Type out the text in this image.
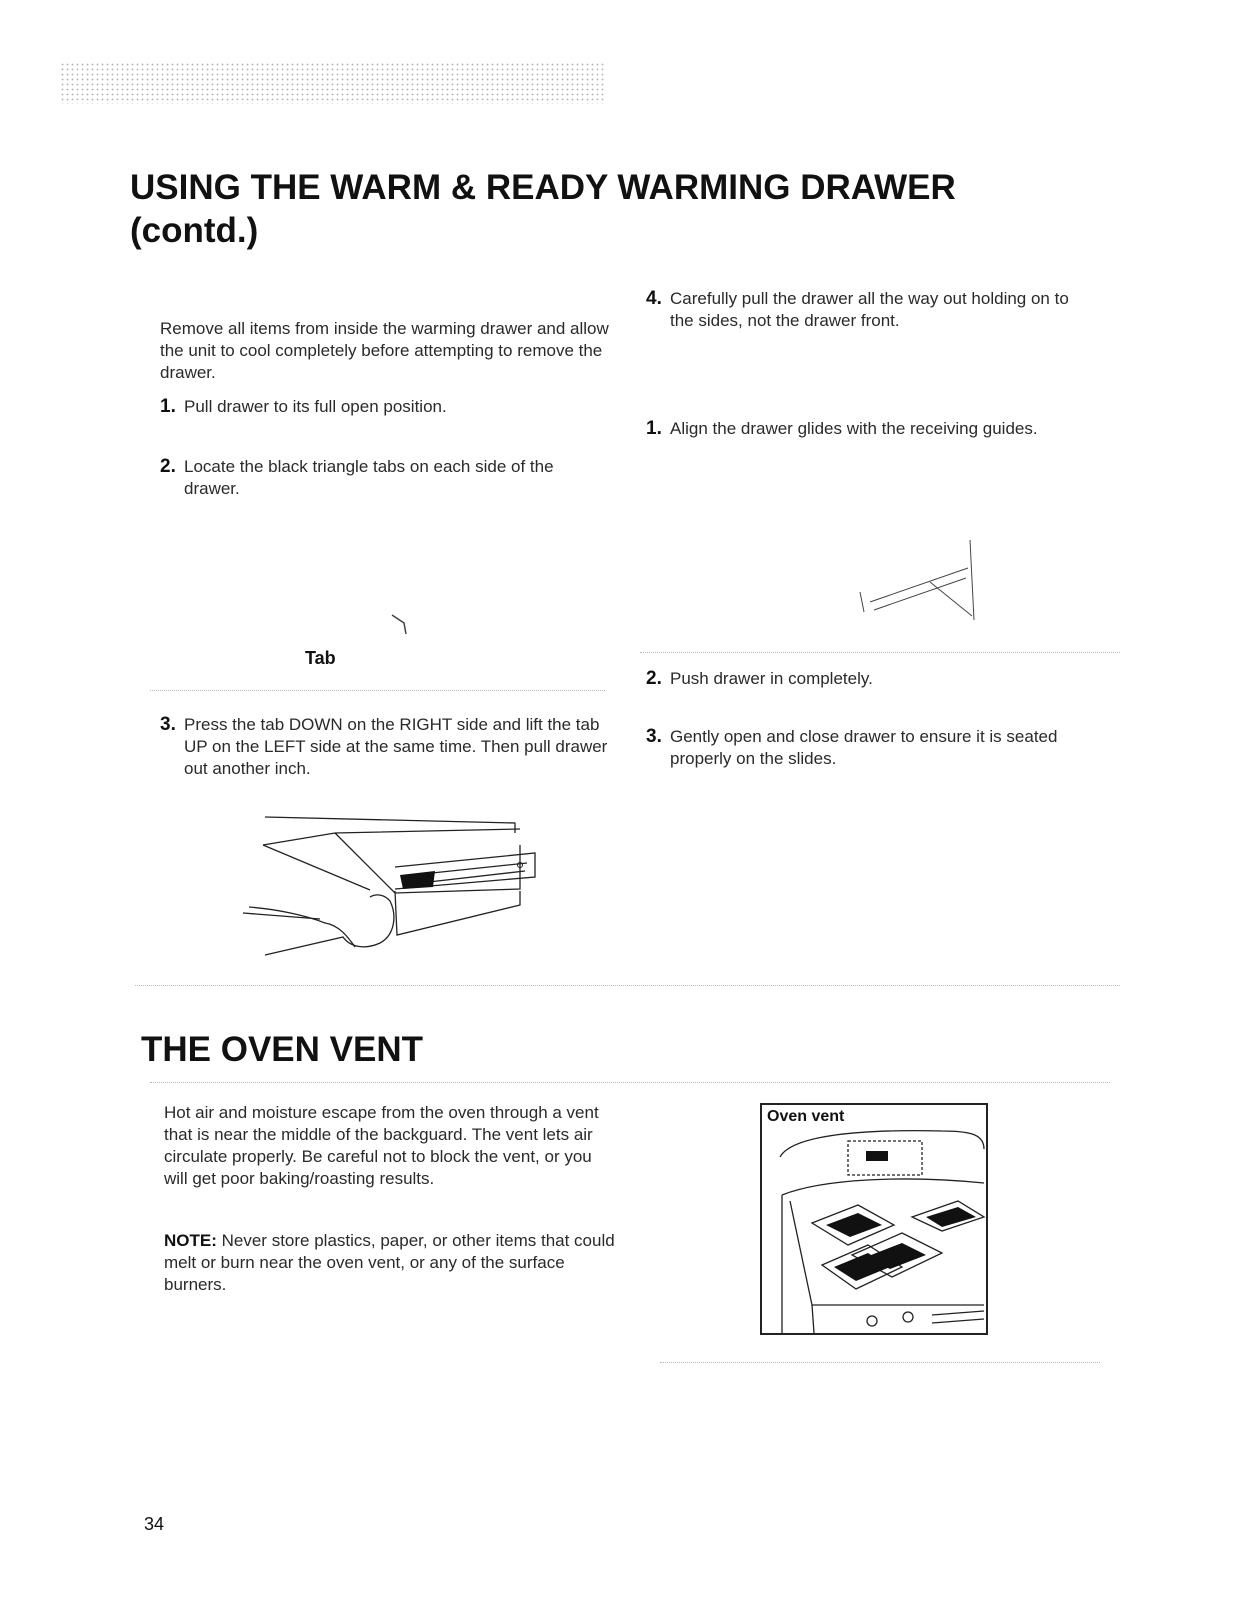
USING THE WARM & READY WARMING DRAWER
(contd.)

Remove all items from inside the warming drawer and allow the unit to cool completely before attempting to remove the drawer.

1. Pull drawer to its full open position.
2. Locate the black triangle tabs on each side of the drawer.
Tab
3. Press the tab DOWN on the RIGHT side and lift the tab UP on the LEFT side at the same time. Then pull drawer out another inch.
4. Carefully pull the drawer all the way out holding on to the sides, not the drawer front.
1. Align the drawer glides with the receiving guides.
2. Push drawer in completely.
3. Gently open and close drawer to ensure it is seated properly on the slides.
THE OVEN VENT

Hot air and moisture escape from the oven through a vent that is near the middle of the backguard. The vent lets air circulate properly. Be careful not to block the vent, or you will get poor baking/roasting results.

NOTE: Never store plastics, paper, or other items that could melt or burn near the oven vent, or any of the surface burners.

Oven vent
34
